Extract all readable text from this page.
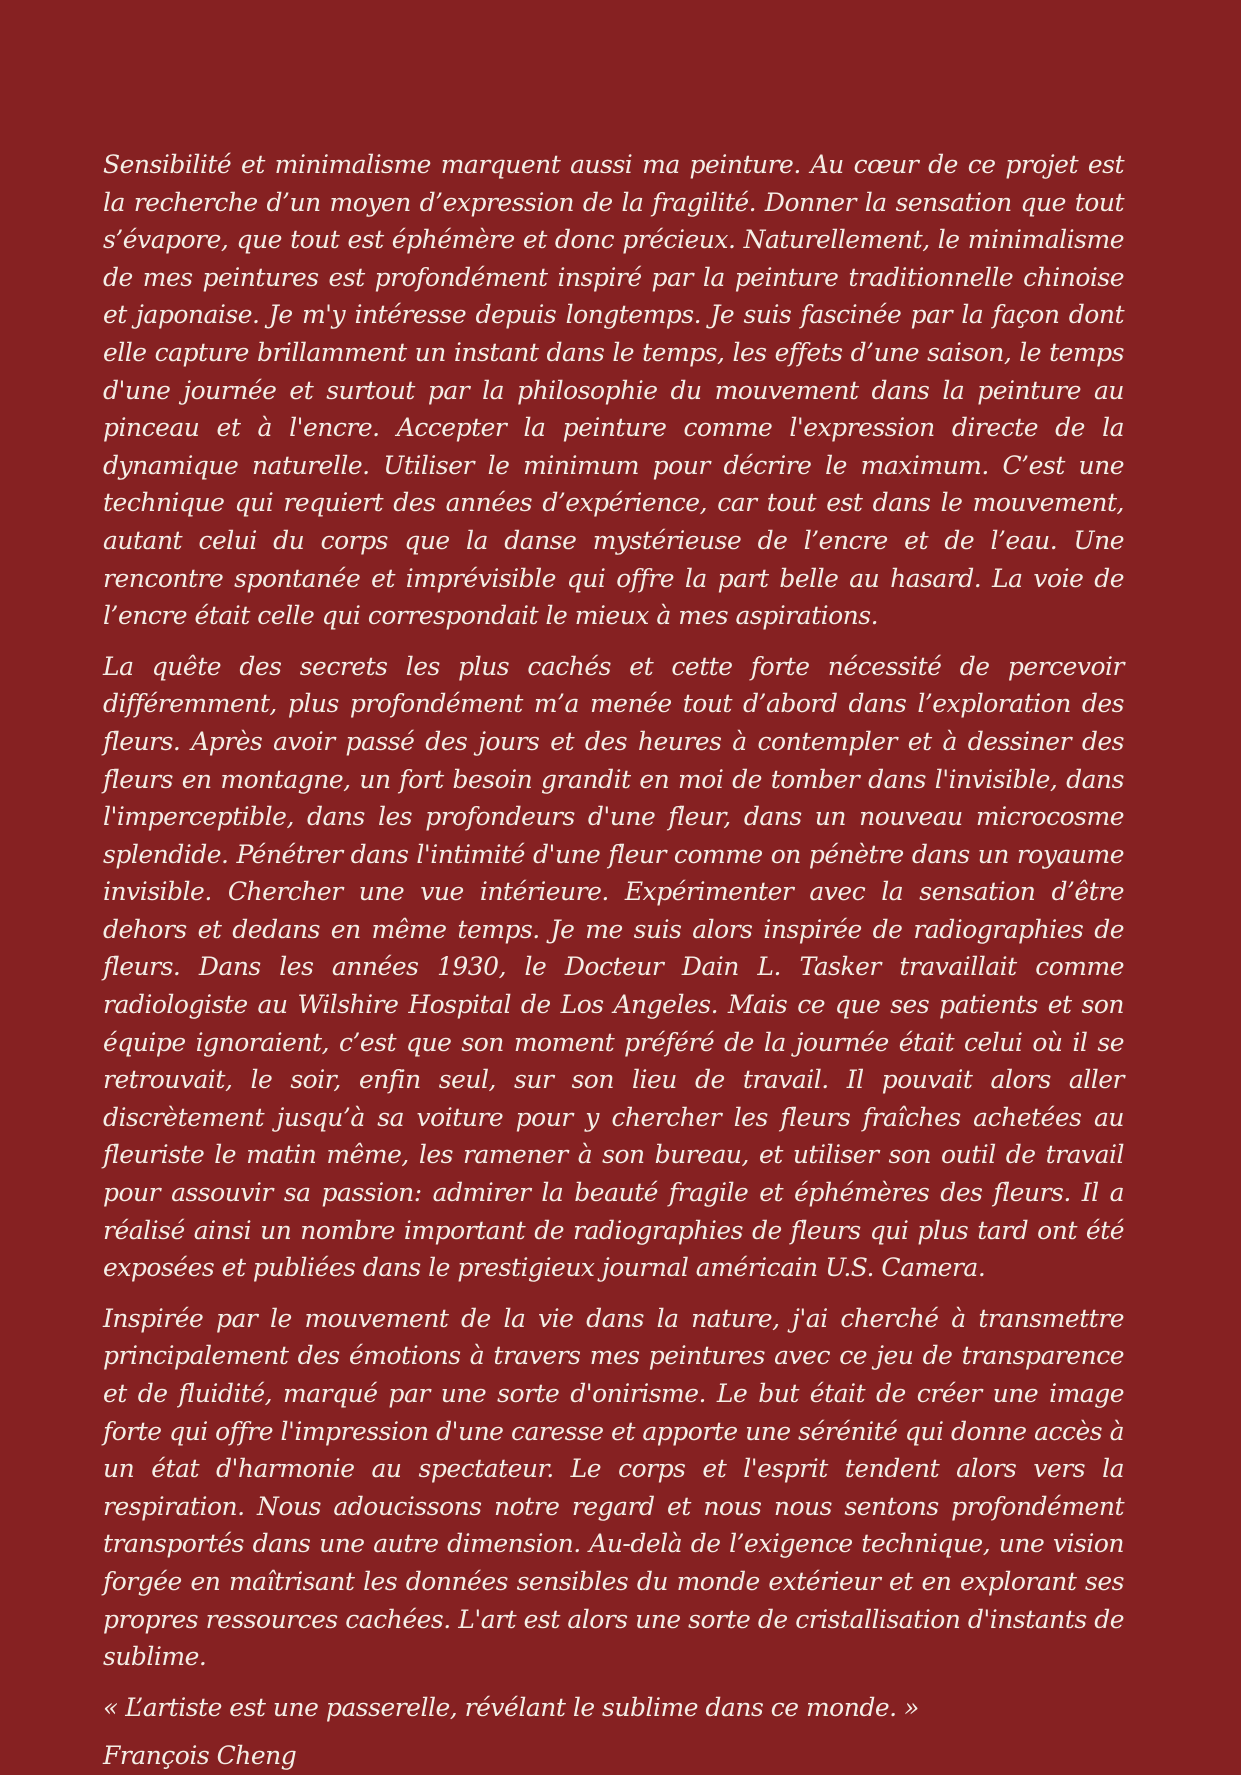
Sensibilité et minimalisme marquent aussi ma peinture. Au cœur de ce projet est la recherche d’un moyen d’expression de la fragilité. Donner la sensation que tout s’évapore, que tout est éphémère et donc précieux. Naturellement, le minimalisme de mes peintures est profondément inspiré par la peinture traditionnelle chinoise et japonaise. Je m'y intéresse depuis longtemps. Je suis fascinée par la façon dont elle capture brillamment un instant dans le temps, les effets d’une saison, le temps d'une journée et surtout par la philosophie du mouvement dans la peinture au pinceau et à l'encre. Accepter la peinture comme l'expression directe de la dynamique naturelle. Utiliser le minimum pour décrire le maximum. C’est une technique qui requiert des années d’expérience, car tout est dans le mouvement, autant celui du corps que la danse mystérieuse de l’encre et de l’eau. Une rencontre spontanée et imprévisible qui offre la part belle au hasard. La voie de l’encre était celle qui correspondait le mieux à mes aspirations.

La quête des secrets les plus cachés et cette forte nécessité de percevoir différemment, plus profondément m’a menée tout d’abord dans l’exploration des fleurs. Après avoir passé des jours et des heures à contempler et à dessiner des fleurs en montagne, un fort besoin grandit en moi de tomber dans l'invisible, dans l'imperceptible, dans les profondeurs d'une fleur, dans un nouveau microcosme splendide. Pénétrer dans l'intimité d'une fleur comme on pénètre dans un royaume invisible. Chercher une vue intérieure. Expérimenter avec la sensation d’être dehors et dedans en même temps. Je me suis alors inspirée de radiographies de fleurs. Dans les années 1930, le Docteur Dain L. Tasker travaillait comme radiologiste au Wilshire Hospital de Los Angeles. Mais ce que ses patients et son équipe ignoraient, c’est que son moment préféré de la journée était celui où il se retrouvait, le soir, enfin seul, sur son lieu de travail. Il pouvait alors aller discrètement jusqu’à sa voiture pour y chercher les fleurs fraîches achetées au fleuriste le matin même, les ramener à son bureau, et utiliser son outil de travail pour assouvir sa passion: admirer la beauté fragile et éphémères des fleurs. Il a réalisé ainsi un nombre important de radiographies de fleurs qui plus tard ont été exposées et publiées dans le prestigieux journal américain U.S. Camera.

Inspirée par le mouvement de la vie dans la nature, j'ai cherché à transmettre principalement des émotions à travers mes peintures avec ce jeu de transparence et de fluidité, marqué par une sorte d'onirisme. Le but était de créer une image forte qui offre l'impression d'une caresse et apporte une sérénité qui donne accès à un état d'harmonie au spectateur. Le corps et l'esprit tendent alors vers la respiration. Nous adoucissons notre regard et nous nous sentons profondément transportés dans une autre dimension. Au-delà de l’exigence technique, une vision forgée en maîtrisant les données sensibles du monde extérieur et en explorant ses propres ressources cachées. L'art est alors une sorte de cristallisation d'instants de sublime.

« L’artiste est une passerelle, révélant le sublime dans ce monde. »

François Cheng
